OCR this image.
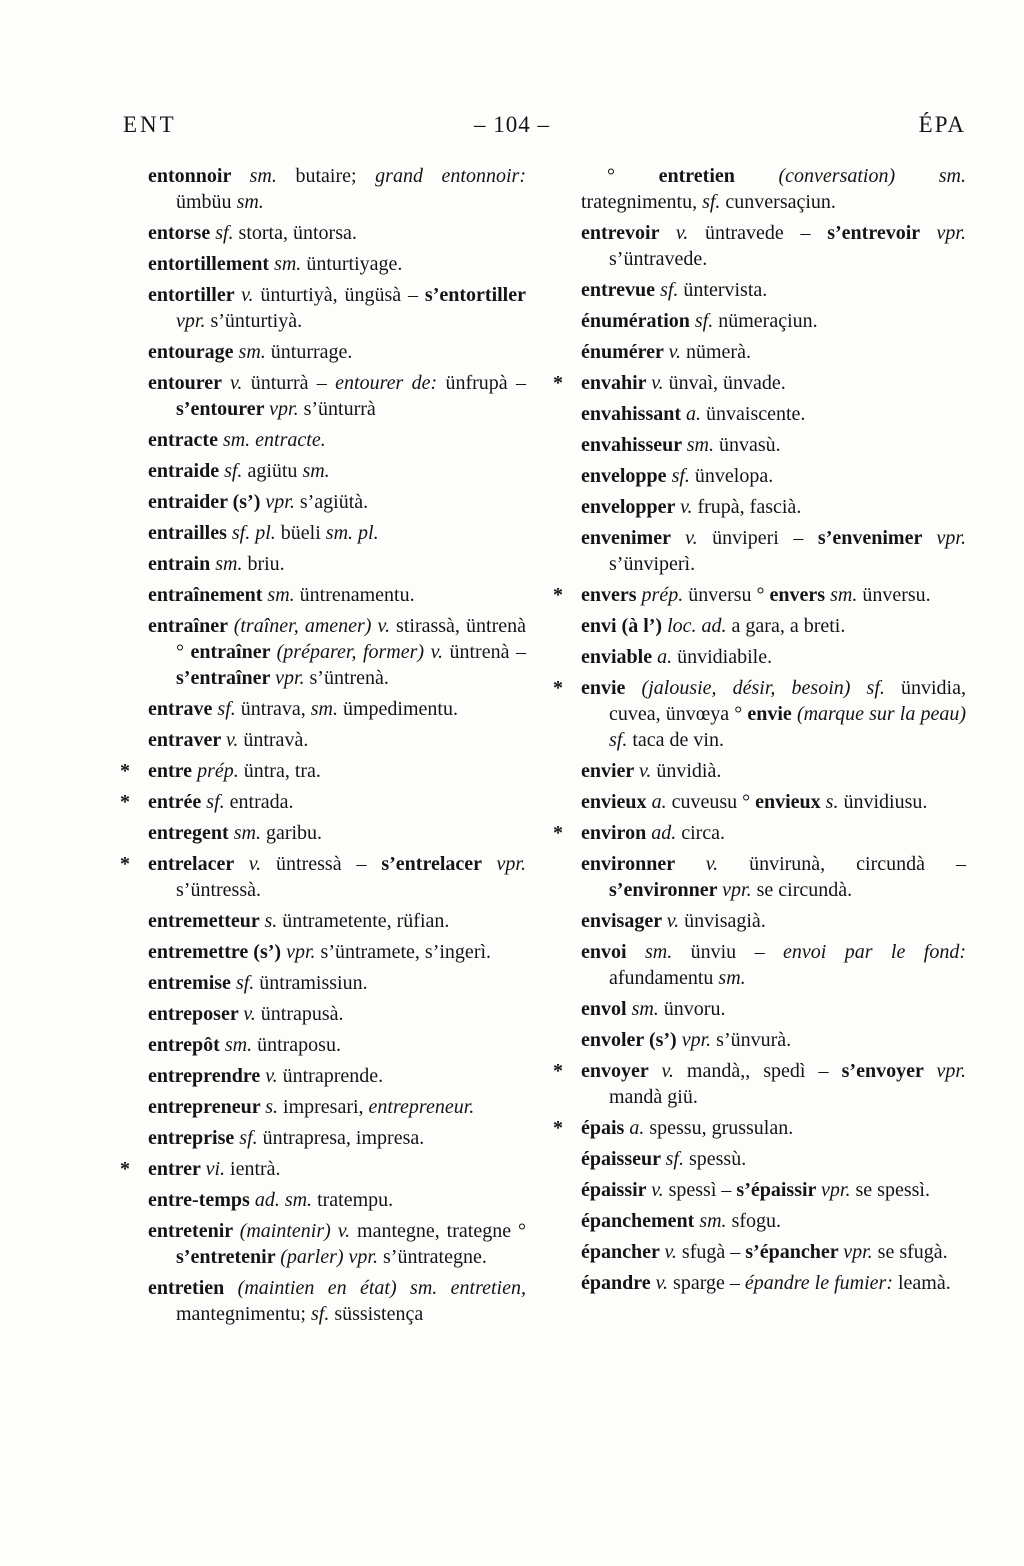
ENT	– 104 –	ÉPA

entonnoir sm. butaire; grand entonnoir: ümbüu sm.

entorse sf. storta, üntorsa.

entortillement sm. ünturtiyage.

entortiller v. ünturtiyà, üngüsà – s’entortiller vpr. s’ünturtiyà.

entourage sm. ünturrage.

entourer v. ünturrà – entourer de: ünfrupà – s’entourer vpr. s’ünturrà

entracte sm. entracte.

entraide sf. agiütu sm.

entraider (s’) vpr. s’agiütà.

entrailles sf. pl. büeli sm. pl.

entrain sm. briu.

entraînement sm. üntrenamentu.

entraîner (traîner, amener) v. stirassà, üntrenà ° entraîner (préparer, former) v. üntrenà – s’entraîner vpr. s’üntrenà.

entrave sf. üntrava, sm. ümpedimentu.

entraver v. üntravà.

* entre prép. üntra, tra.

* entrée sf. entrada.

entregent sm. garibu.

* entrelacer v. üntressà – s’entrelacer vpr. s’üntressà.

entremetteur s. üntrametente, rüfian.

entremettre (s’) vpr. s’üntramete, s’ingerì.

entremise sf. üntramissiun.

entreposer v. üntrapusà.

entrepôt sm. üntraposu.

entreprendre v. üntraprende.

entrepreneur s. impresari, entrepreneur.

entreprise sf. üntrapresa, impresa.

* entrer vi. ientrà.

entre-temps ad. sm. tratempu.

entretenir (maintenir) v. mantegne, trategne ° s’entretenir (parler) vpr. s’üntrategne.

entretien (maintien en état) sm. entretien, mantegnimentu; sf. süssistença

° entretien (conversation) sm. trategnimentu, sf. cunversaçiun.

entrevoir v. üntravede – s’entrevoir vpr. s’üntravede.

entrevue sf. üntervista.

énumération sf. nümeraçiun.

énumérer v. nümerà.

* envahir v. ünvaì, ünvade.

envahissant a. ünvaiscente.

envahisseur sm. ünvasù.

enveloppe sf. ünvelopa.

envelopper v. frupà, fascià.

envenimer v. ünviperi – s’envenimer vpr. s’ünviperì.

* envers prép. ünversu ° envers sm. ünversu.

envi (à l’) loc. ad. a gara, a breti.

enviable a. ünvidiabile.

* envie (jalousie, désir, besoin) sf. ünvidia, cuvea, ünvœya ° envie (marque sur la peau) sf. taca de vin.

envier v. ünvidià.

envieux a. cuveusu ° envieux s. ünvidiusu.

* environ ad. circa.

environner v. ünvirunà, circundà – s’environner vpr. se circundà.

envisager v. ünvisagià.

envoi sm. ünviu – envoi par le fond: afundamentu sm.

envol sm. ünvoru.

envoler (s’) vpr. s’ünvurà.

* envoyer v. mandà,, spedì – s’envoyer vpr. mandà giü.

* épais a. spessu, grussulan.

épaisseur sf. spessù.

épaissir v. spessì – s’épaissir vpr. se spessì.

épanchement sm. sfogu.

épancher v. sfugà – s’épancher vpr. se sfugà.

épandre v. sparge – épandre le fumier: leamà.
